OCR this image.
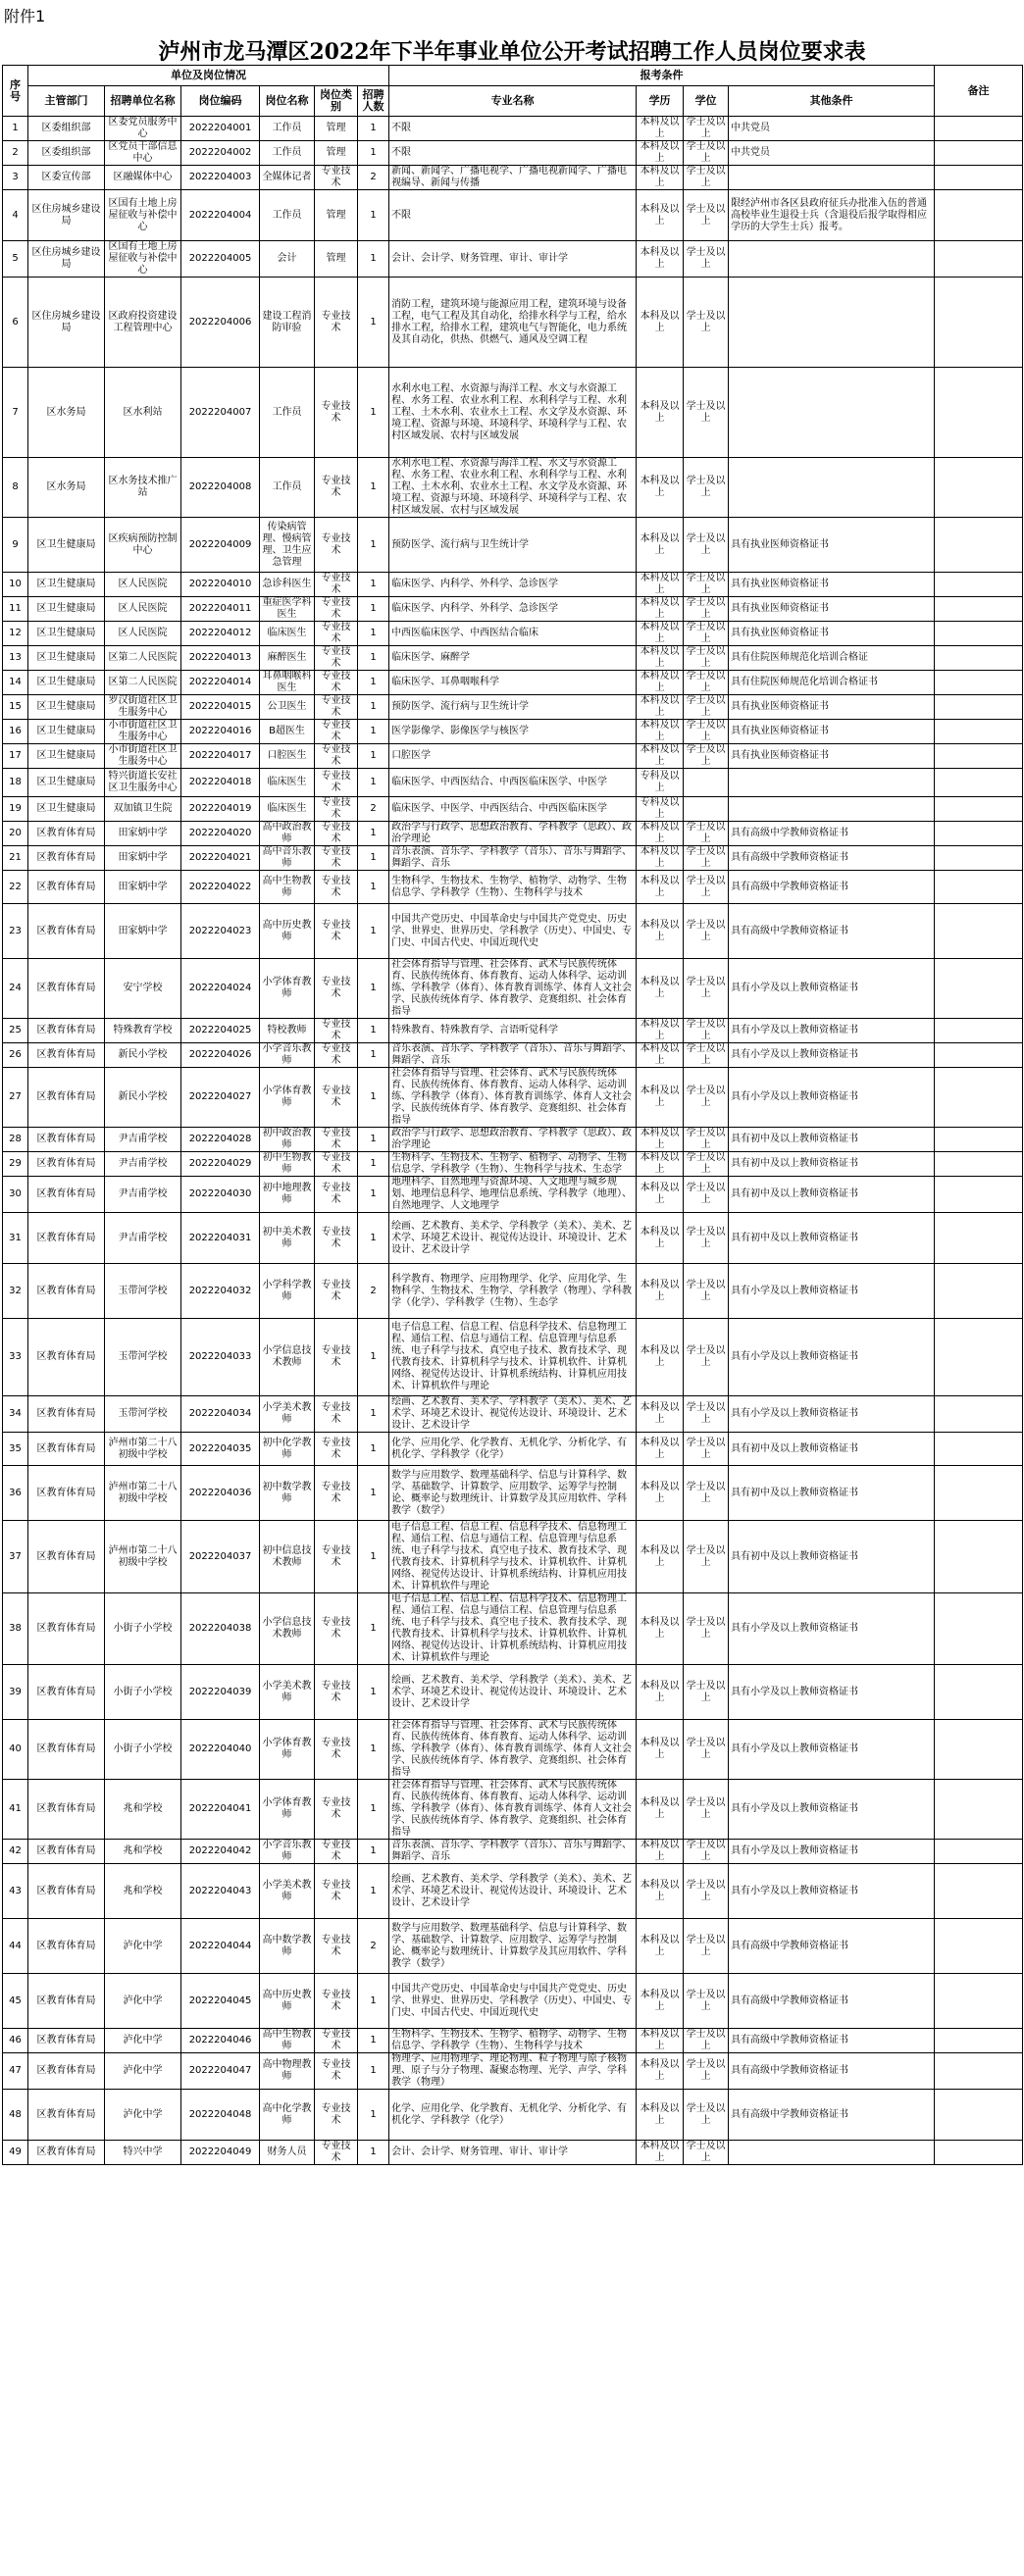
附件1
泸州市龙马潭区2022年下半年事业单位公开考试招聘工作人员岗位要求表
序号	单位及岗位情况						报考条件				备注
	主管部门	招聘单位名称	岗位编码	岗位名称	岗位类别	招聘人数	专业名称	学历	学位	其他条件	
1	区委组织部	区委党员服务中心	2022204001	工作员	管理	1	不限	本科及以上	学士及以上	中共党员	
2	区委组织部	区党员干部信息中心	2022204002	工作员	管理	1	不限	本科及以上	学士及以上	中共党员	
3	区委宣传部	区融媒体中心	2022204003	全媒体记者	专业技术	2	新闻、新闻学、广播电视学、广播电视新闻学、广播电视编导、新闻与传播	本科及以上	学士及以上		
4	区住房城乡建设局	区国有土地上房屋征收与补偿中心	2022204004	工作员	管理	1	不限	本科及以上	学士及以上	限经泸州市各区县政府征兵办批准入伍的普通高校毕业生退役士兵（含退役后报学取得相应学历的大学生士兵）报考。	
5	区住房城乡建设局	区国有土地上房屋征收与补偿中心	2022204005	会计	管理	1	会计、会计学、财务管理、审计、审计学	本科及以上	学士及以上		
6	区住房城乡建设局	区政府投资建设工程管理中心	2022204006	建设工程消防审验	专业技术	1	消防工程，建筑环境与能源应用工程，建筑环境与设备工程，电气工程及其自动化，给排水科学与工程，给水排水工程，给排水工程，建筑电气与智能化，电力系统及其自动化，供热、供燃气、通风及空调工程	本科及以上	学士及以上		
7	区水务局	区水利站	2022204007	工作员	专业技术	1	水利水电工程、水资源与海洋工程、水文与水资源工程、水务工程、农业水利工程、水利科学与工程、水利工程、土木水利、农业水土工程、水文学及水资源、环境工程、资源与环境、环境科学、环境科学与工程、农村区域发展、农村与区域发展	本科及以上	学士及以上		
8	区水务局	区水务技术推广站	2022204008	工作员	专业技术	1	水利水电工程、水资源与海洋工程、水文与水资源工程、水务工程、农业水利工程、水利科学与工程、水利工程、土木水利、农业水土工程、水文学及水资源、环境工程、资源与环境、环境科学、环境科学与工程、农村区域发展、农村与区域发展	本科及以上	学士及以上		
9	区卫生健康局	区疾病预防控制中心	2022204009	传染病管理、慢病管理、卫生应急管理	专业技术	1	预防医学、流行病与卫生统计学	本科及以上	学士及以上	具有执业医师资格证书	
10	区卫生健康局	区人民医院	2022204010	急诊科医生	专业技术	1	临床医学、内科学、外科学、急诊医学	本科及以上	学士及以上	具有执业医师资格证书	
11	区卫生健康局	区人民医院	2022204011	重症医学科医生	专业技术	1	临床医学、内科学、外科学、急诊医学	本科及以上	学士及以上	具有执业医师资格证书	
12	区卫生健康局	区人民医院	2022204012	临床医生	专业技术	1	中西医临床医学、中西医结合临床	本科及以上	学士及以上	具有执业医师资格证书	
13	区卫生健康局	区第二人民医院	2022204013	麻醉医生	专业技术	1	临床医学、麻醉学	本科及以上	学士及以上	具有住院医师规范化培训合格证	
14	区卫生健康局	区第二人民医院	2022204014	耳鼻咽喉科医生	专业技术	1	临床医学、耳鼻咽喉科学	本科及以上	学士及以上	具有住院医师规范化培训合格证书	
15	区卫生健康局	罗汉街道社区卫生服务中心	2022204015	公卫医生	专业技术	1	预防医学、流行病与卫生统计学	本科及以上	学士及以上	具有执业医师资格证书	
16	区卫生健康局	小市街道社区卫生服务中心	2022204016	B超医生	专业技术	1	医学影像学、影像医学与核医学	本科及以上	学士及以上	具有执业医师资格证书	
17	区卫生健康局	小市街道社区卫生服务中心	2022204017	口腔医生	专业技术	1	口腔医学	本科及以上	学士及以上	具有执业医师资格证书	
18	区卫生健康局	特兴街道长安社区卫生服务中心	2022204018	临床医生	专业技术	1	临床医学、中西医结合、中西医临床医学、中医学	专科及以上			
19	区卫生健康局	双加镇卫生院	2022204019	临床医生	专业技术	2	临床医学、中医学、中西医结合、中西医临床医学	专科及以上			
20	区教育体育局	田家炳中学	2022204020	高中政治教师	专业技术	1	政治学与行政学、思想政治教育、学科教学（思政）、政治学理论	本科及以上	学士及以上	具有高级中学教师资格证书	
21	区教育体育局	田家炳中学	2022204021	高中音乐教师	专业技术	1	音乐表演、音乐学、学科教学（音乐）、音乐与舞蹈学、舞蹈学、音乐	本科及以上	学士及以上	具有高级中学教师资格证书	
22	区教育体育局	田家炳中学	2022204022	高中生物教师	专业技术	1	生物科学、生物技术、生物学、植物学、动物学、生物信息学、学科教学（生物）、生物科学与技术	本科及以上	学士及以上	具有高级中学教师资格证书	
23	区教育体育局	田家炳中学	2022204023	高中历史教师	专业技术	1	中国共产党历史、中国革命史与中国共产党党史、历史学、世界史、世界历史、学科教学（历史）、中国史、专门史、中国古代史、中国近现代史	本科及以上	学士及以上	具有高级中学教师资格证书	
24	区教育体育局	安宁学校	2022204024	小学体育教师	专业技术	1	社会体育指导与管理、社会体育、武术与民族传统体育、民族传统体育、体育教育、运动人体科学、运动训练、学科教学（体育）、体育教育训练学、体育人文社会学、民族传统体育学、体育教学、竞赛组织、社会体育指导	本科及以上	学士及以上	具有小学及以上教师资格证书	
25	区教育体育局	特殊教育学校	2022204025	特校教师	专业技术	1	特殊教育、特殊教育学、言语听觉科学	本科及以上	学士及以上	具有小学及以上教师资格证书	
26	区教育体育局	新民小学校	2022204026	小学音乐教师	专业技术	1	音乐表演、音乐学、学科教学（音乐）、音乐与舞蹈学、舞蹈学、音乐	本科及以上	学士及以上	具有小学及以上教师资格证书	
27	区教育体育局	新民小学校	2022204027	小学体育教师	专业技术	1	社会体育指导与管理、社会体育、武术与民族传统体育、民族传统体育、体育教育、运动人体科学、运动训练、学科教学（体育）、体育教育训练学、体育人文社会学、民族传统体育学、体育教学、竞赛组织、社会体育指导	本科及以上	学士及以上	具有小学及以上教师资格证书	
28	区教育体育局	尹吉甫学校	2022204028	初中政治教师	专业技术	1	政治学与行政学、思想政治教育、学科教学（思政）、政治学理论	本科及以上	学士及以上	具有初中及以上教师资格证书	
29	区教育体育局	尹吉甫学校	2022204029	初中生物教师	专业技术	1	生物科学、生物技术、生物学、植物学、动物学、生物信息学、学科教学（生物）、生物科学与技术、生态学	本科及以上	学士及以上	具有初中及以上教师资格证书	
30	区教育体育局	尹吉甫学校	2022204030	初中地理教师	专业技术	1	地理科学、自然地理与资源环境、人文地理与城乡规划、地理信息科学、地理信息系统、学科教学（地理）、自然地理学、人文地理学	本科及以上	学士及以上	具有初中及以上教师资格证书	
31	区教育体育局	尹吉甫学校	2022204031	初中美术教师	专业技术	1	绘画、艺术教育、美术学、学科教学（美术）、美术、艺术学、环境艺术设计、视觉传达设计、环境设计、艺术设计、艺术设计学	本科及以上	学士及以上	具有初中及以上教师资格证书	
32	区教育体育局	玉带河学校	2022204032	小学科学教师	专业技术	2	科学教育、物理学、应用物理学、化学、应用化学、生物科学、生物技术、生物学、学科教学（物理）、学科教学（化学）、学科教学（生物）、生态学	本科及以上	学士及以上	具有小学及以上教师资格证书	
33	区教育体育局	玉带河学校	2022204033	小学信息技术教师	专业技术	1	电子信息工程、信息工程、信息科学技术、信息物理工程、通信工程、信息与通信工程、信息管理与信息系统、电子科学与技术、真空电子技术、教育技术学、现代教育技术、计算机科学与技术、计算机软件、计算机网络、视觉传达设计、计算机系统结构、计算机应用技术、计算机软件与理论	本科及以上	学士及以上	具有小学及以上教师资格证书	
34	区教育体育局	玉带河学校	2022204034	小学美术教师	专业技术	1	绘画、艺术教育、美术学、学科教学（美术）、美术、艺术学、环境艺术设计、视觉传达设计、环境设计、艺术设计、艺术设计学	本科及以上	学士及以上	具有小学及以上教师资格证书	
35	区教育体育局	泸州市第二十八初级中学校	2022204035	初中化学教师	专业技术	1	化学、应用化学、化学教育、无机化学、分析化学、有机化学、学科教学（化学）	本科及以上	学士及以上	具有初中及以上教师资格证书	
36	区教育体育局	泸州市第二十八初级中学校	2022204036	初中数学教师	专业技术	1	数学与应用数学、数理基础科学、信息与计算科学、数学、基础数学、计算数学、应用数学、运筹学与控制论、概率论与数理统计、计算数学及其应用软件、学科教学（数学）	本科及以上	学士及以上	具有初中及以上教师资格证书	
37	区教育体育局	泸州市第二十八初级中学校	2022204037	初中信息技术教师	专业技术	1	电子信息工程、信息工程、信息科学技术、信息物理工程、通信工程、信息与通信工程、信息管理与信息系统、电子科学与技术、真空电子技术、教育技术学、现代教育技术、计算机科学与技术、计算机软件、计算机网络、视觉传达设计、计算机系统结构、计算机应用技术、计算机软件与理论	本科及以上	学士及以上	具有初中及以上教师资格证书	
38	区教育体育局	小街子小学校	2022204038	小学信息技术教师	专业技术	1	电子信息工程、信息工程、信息科学技术、信息物理工程、通信工程、信息与通信工程、信息管理与信息系统、电子科学与技术、真空电子技术、教育技术学、现代教育技术、计算机科学与技术、计算机软件、计算机网络、视觉传达设计、计算机系统结构、计算机应用技术、计算机软件与理论	本科及以上	学士及以上	具有小学及以上教师资格证书	
39	区教育体育局	小街子小学校	2022204039	小学美术教师	专业技术	1	绘画、艺术教育、美术学、学科教学（美术）、美术、艺术学、环境艺术设计、视觉传达设计、环境设计、艺术设计、艺术设计学	本科及以上	学士及以上	具有小学及以上教师资格证书	
40	区教育体育局	小街子小学校	2022204040	小学体育教师	专业技术	1	社会体育指导与管理、社会体育、武术与民族传统体育、民族传统体育、体育教育、运动人体科学、运动训练、学科教学（体育）、体育教育训练学、体育人文社会学、民族传统体育学、体育教学、竞赛组织、社会体育指导	本科及以上	学士及以上	具有小学及以上教师资格证书	
41	区教育体育局	兆和学校	2022204041	小学体育教师	专业技术	1	社会体育指导与管理、社会体育、武术与民族传统体育、民族传统体育、体育教育、运动人体科学、运动训练、学科教学（体育）、体育教育训练学、体育人文社会学、民族传统体育学、体育教学、竞赛组织、社会体育指导	本科及以上	学士及以上	具有小学及以上教师资格证书	
42	区教育体育局	兆和学校	2022204042	小学音乐教师	专业技术	1	音乐表演、音乐学、学科教学（音乐）、音乐与舞蹈学、舞蹈学、音乐	本科及以上	学士及以上	具有小学及以上教师资格证书	
43	区教育体育局	兆和学校	2022204043	小学美术教师	专业技术	1	绘画、艺术教育、美术学、学科教学（美术）、美术、艺术学、环境艺术设计、视觉传达设计、环境设计、艺术设计、艺术设计学	本科及以上	学士及以上	具有小学及以上教师资格证书	
44	区教育体育局	泸化中学	2022204044	高中数学教师	专业技术	2	数学与应用数学、数理基础科学、信息与计算科学、数学、基础数学、计算数学、应用数学、运筹学与控制论、概率论与数理统计、计算数学及其应用软件、学科教学（数学）	本科及以上	学士及以上	具有高级中学教师资格证书	
45	区教育体育局	泸化中学	2022204045	高中历史教师	专业技术	1	中国共产党历史、中国革命史与中国共产党党史、历史学、世界史、世界历史、学科教学（历史）、中国史、专门史、中国古代史、中国近现代史	本科及以上	学士及以上	具有高级中学教师资格证书	
46	区教育体育局	泸化中学	2022204046	高中生物教师	专业技术	1	生物科学、生物技术、生物学、植物学、动物学、生物信息学、学科教学（生物）、生物科学与技术	本科及以上	学士及以上	具有高级中学教师资格证书	
47	区教育体育局	泸化中学	2022204047	高中物理教师	专业技术	1	物理学、应用物理学、理论物理、粒子物理与原子核物理、原子与分子物理、凝聚态物理、光学、声学、学科教学（物理）	本科及以上	学士及以上	具有高级中学教师资格证书	
48	区教育体育局	泸化中学	2022204048	高中化学教师	专业技术	1	化学、应用化学、化学教育、无机化学、分析化学、有机化学、学科教学（化学）	本科及以上	学士及以上	具有高级中学教师资格证书	
49	区教育体育局	特兴中学	2022204049	财务人员	专业技术	1	会计、会计学、财务管理、审计、审计学	本科及以上	学士及以上		
